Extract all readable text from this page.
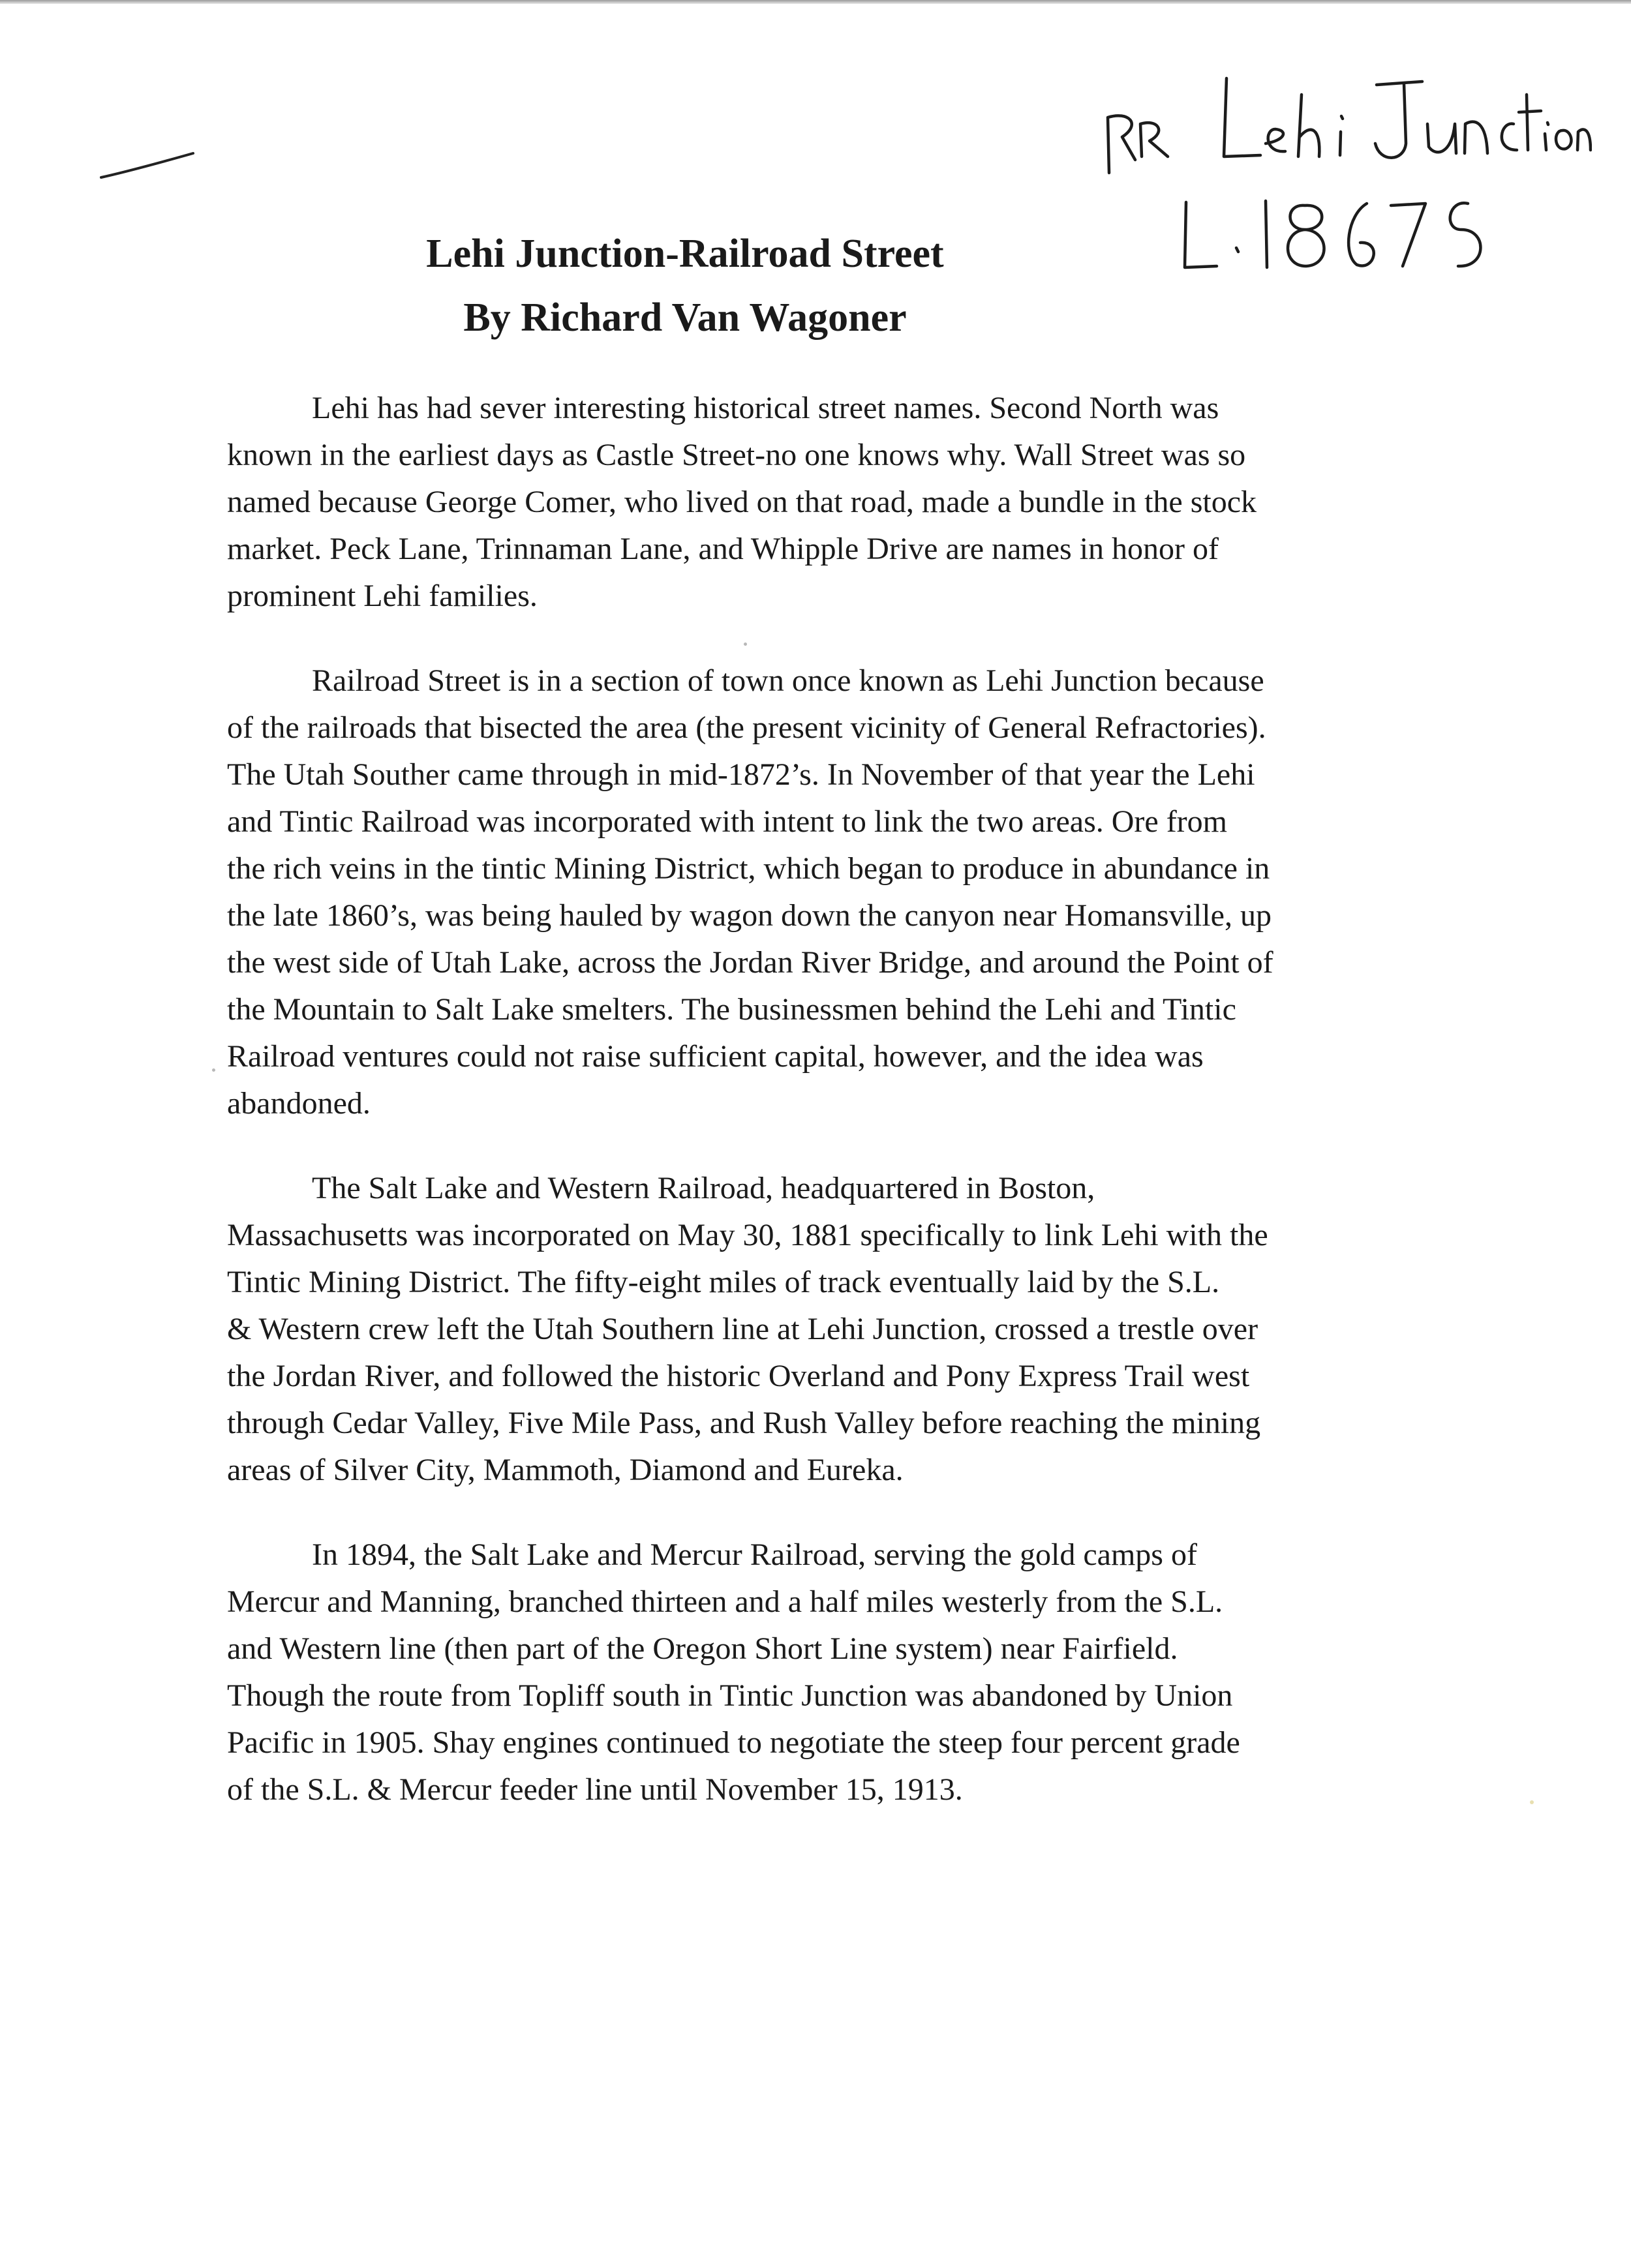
Lehi Junction-Railroad Street
By Richard Van Wagoner

Lehi has had sever interesting historical street names. Second North was
known in the earliest days as Castle Street-no one knows why. Wall Street was so
named because George Comer, who lived on that road, made a bundle in the stock
market. Peck Lane, Trinnaman Lane, and Whipple Drive are names in honor of
prominent Lehi families.

Railroad Street is in a section of town once known as Lehi Junction because
of the railroads that bisected the area (the present vicinity of General Refractories).
The Utah Souther came through in mid-1872’s. In November of that year the Lehi
and Tintic Railroad was incorporated with intent to link the two areas. Ore from
the rich veins in the tintic Mining District, which began to produce in abundance in
the late 1860’s, was being hauled by wagon down the canyon near Homansville, up
the west side of Utah Lake, across the Jordan River Bridge, and around the Point of
the Mountain to Salt Lake smelters. The businessmen behind the Lehi and Tintic
Railroad ventures could not raise sufficient capital, however, and the idea was
abandoned.

The Salt Lake and Western Railroad, headquartered in Boston,
Massachusetts was incorporated on May 30, 1881 specifically to link Lehi with the
Tintic Mining District. The fifty-eight miles of track eventually laid by the S.L.
& Western crew left the Utah Southern line at Lehi Junction, crossed a trestle over
the Jordan River, and followed the historic Overland and Pony Express Trail west
through Cedar Valley, Five Mile Pass, and Rush Valley before reaching the mining
areas of Silver City, Mammoth, Diamond and Eureka.

In 1894, the Salt Lake and Mercur Railroad, serving the gold camps of
Mercur and Manning, branched thirteen and a half miles westerly from the S.L.
and Western line (then part of the Oregon Short Line system) near Fairfield.
Though the route from Topliff south in Tintic Junction was abandoned by Union
Pacific in 1905. Shay engines continued to negotiate the steep four percent grade
of the S.L. & Mercur feeder line until November 15, 1913.
